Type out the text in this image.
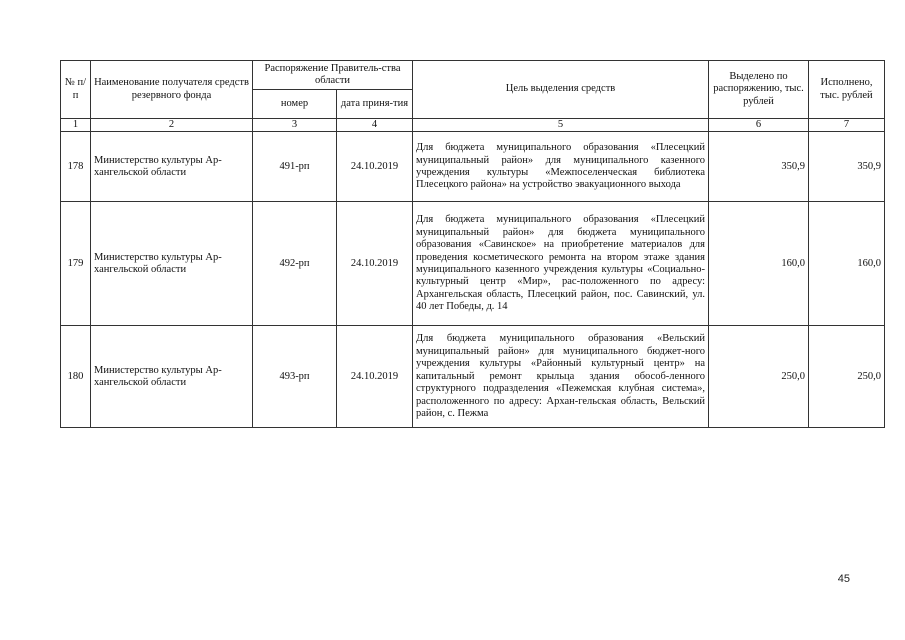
№ п/п	Наименование получателя средств резервного фонда	Распоряжение Правитель-ства области		Цель выделения средств	Выделено по распоряжению, тыс. рублей	Исполнено, тыс. рублей
		номер	дата приня-тия			
1	2	3	4	5	6	7
178	Министерство культуры Ар-хангельской области	491-рп	24.10.2019	Для бюджета муниципального образования «Плесецкий муниципальный район» для муниципального казенного учреждения культуры «Межпоселенческая библиотека Плесецкого района» на устройство эвакуационного выхода	350,9	350,9
179	Министерство культуры Ар-хангельской области	492-рп	24.10.2019	Для бюджета муниципального образования «Плесецкий муниципальный район» для бюджета муниципального образования «Савинское» на приобретение материалов для проведения косметического ремонта на втором этаже здания муниципального казенного учреждения культуры «Социально-культурный центр «Мир», рас-положенного по адресу: Архангельская область, Плесецкий район, пос. Савинский, ул. 40 лет Победы, д. 14	160,0	160,0
180	Министерство культуры Ар-хангельской области	493-рп	24.10.2019	Для бюджета муниципального образования «Вельский муниципальный район» для муниципального бюджет-ного учреждения культуры «Районный культурный центр» на капитальный ремонт крыльца здания обособ-ленного структурного подразделения «Пежемская клубная система», расположенного по адресу: Архан-гельская область, Вельский район, с. Пежма	250,0	250,0
45
